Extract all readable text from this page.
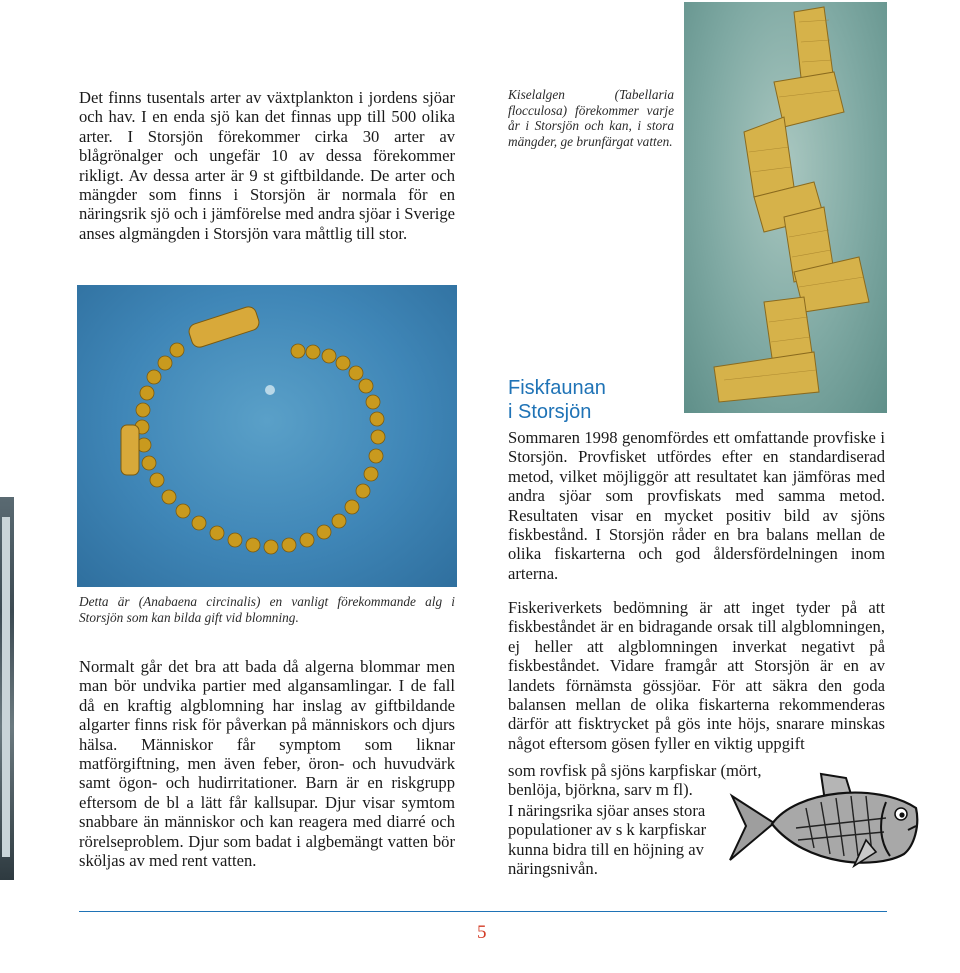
Det finns tusentals arter av växtplankton i jordens sjöar och hav. I en enda sjö kan det finnas upp till 500 olika arter. I Storsjön förekommer cirka 30 arter av blågrönalger och ungefär 10 av dessa förekommer rikligt. Av dessa arter är 9 st giftbildande. De arter och mängder som finns i Storsjön är normala för en näringsrik sjö och i jämförelse med andra sjöar i Sverige anses algmängden i Storsjön vara måttlig till stor.

Kiselalgen (Tabellaria flocculosa) förekommer varje år i Storsjön och kan, i stora mängder, ge brunfärgat vatten.
Detta är (Anabaena circinalis) en vanligt förekommande alg i Storsjön som kan bilda gift vid blomning.

Normalt går det bra att bada då algerna blommar men man bör undvika partier med algansamlingar. I de fall då en kraftig algblomning har inslag av giftbildande algarter finns risk för påverkan på människors och djurs hälsa. Människor får symptom som liknar matförgiftning, men även feber, öron- och huvudvärk samt ögon- och hudirritationer. Barn är en riskgrupp eftersom de bl a lätt får kallsupar. Djur visar symtom snabbare än människor och kan reagera med diarré och rörelseproblem. Djur som badat i algbemängt vatten bör sköljas av med rent vatten.

Fiskfaunan
i Storsjön

Sommaren 1998 genomfördes ett omfattande provfiske i Storsjön. Provfisket utfördes efter en standardiserad metod, vilket möjliggör att resultatet kan jämföras med andra sjöar som provfiskats med samma metod. Resultaten visar en mycket positiv bild av sjöns fiskbestånd. I Storsjön råder en bra balans mellan de olika fiskarterna och god åldersfördelningen inom arterna.

Fiskeriverkets bedömning är att inget tyder på att fiskbeståndet är en bidragande orsak till algblomningen, ej heller att algblomningen inverkat negativt på fiskbeståndet. Vidare framgår att Storsjön är en av landets förnämsta gössjöar. För att säkra den goda balansen mellan de olika fiskarterna rekommenderas därför att fisktrycket på gös inte höjs, snarare minskas något eftersom gösen fyller en viktig uppgift

som rovfisk på sjöns karpfiskar (mört,

benlöja, björkna, sarv m fl).

I näringsrika sjöar anses stora

populationer av s k karpfiskar

kunna bidra till en höjning av

näringsnivån.

5
